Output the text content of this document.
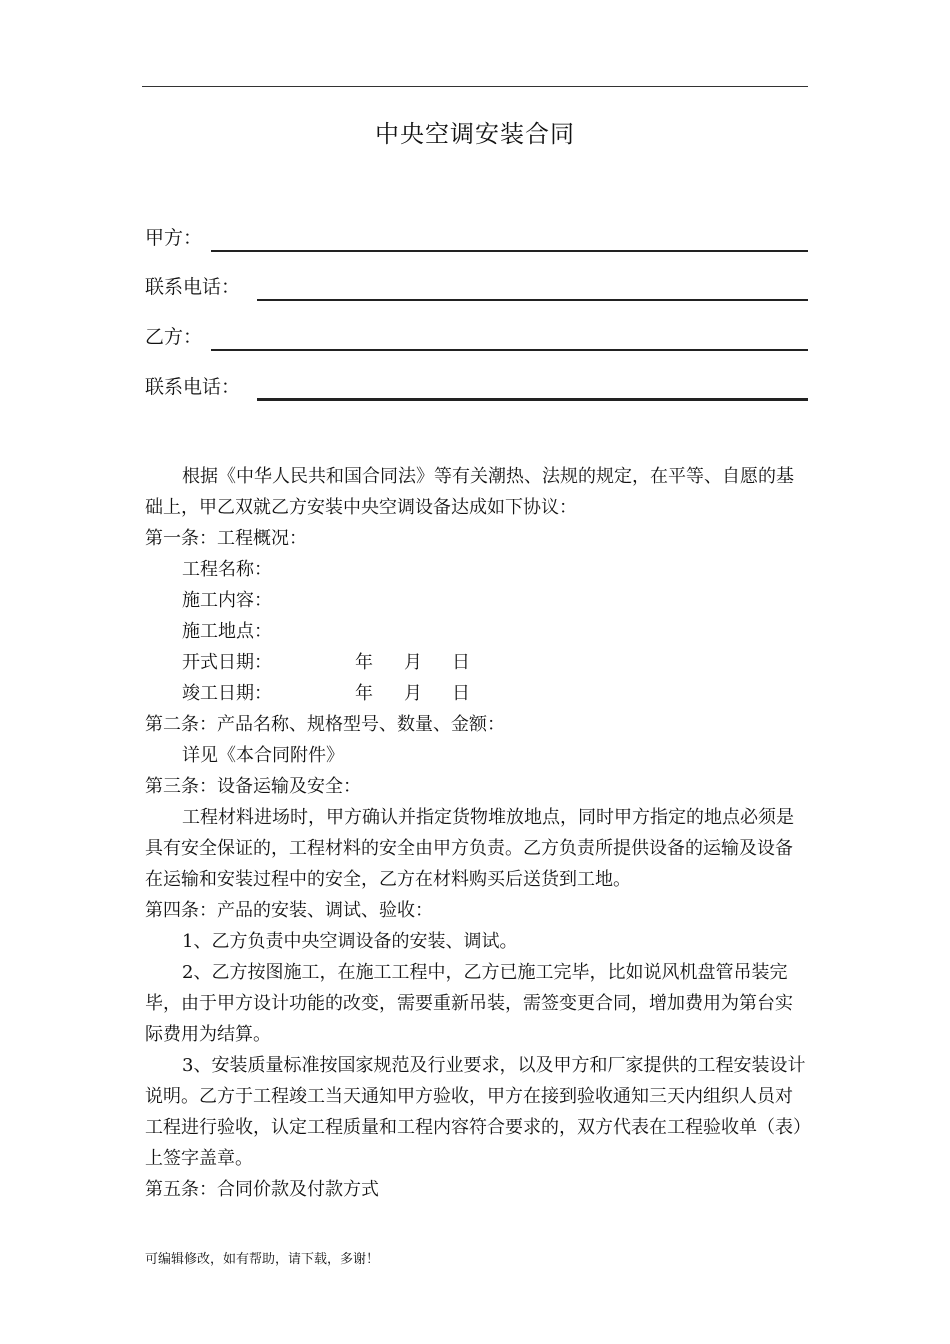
中央空调安装合同
甲方：
联系电话：
乙方：
联系电话：

根据《中华人民共和国合同法》等有关潮热、法规的规定，在平等、自愿的基础上，甲乙双就乙方安装中央空调设备达成如下协议：

第一条：工程概况：

工程名称：

施工内容：

施工地点：

开式日期：	年 月 日
竣工日期：	年 月 日

第二条：产品名称、规格型号、数量、金额：

详见《本合同附件》

第三条：设备运输及安全：

工程材料进场时，甲方确认并指定货物堆放地点，同时甲方指定的地点必须是具有安全保证的，工程材料的安全由甲方负责。乙方负责所提供设备的运输及设备在运输和安装过程中的安全，乙方在材料购买后送货到工地。

第四条：产品的安装、调试、验收：

1、乙方负责中央空调设备的安装、调试。

2、乙方按图施工，在施工工程中，乙方已施工完毕，比如说风机盘管吊装完毕，由于甲方设计功能的改变，需要重新吊装，需签变更合同，增加费用为第台实际费用为结算。

3、安装质量标准按国家规范及行业要求，以及甲方和厂家提供的工程安装设计说明。乙方于工程竣工当天通知甲方验收，甲方在接到验收通知三天内组织人员对工程进行验收，认定工程质量和工程内容符合要求的，双方代表在工程验收单（表）上签字盖章。

第五条：合同价款及付款方式

可编辑修改，如有帮助，请下载，多谢！
